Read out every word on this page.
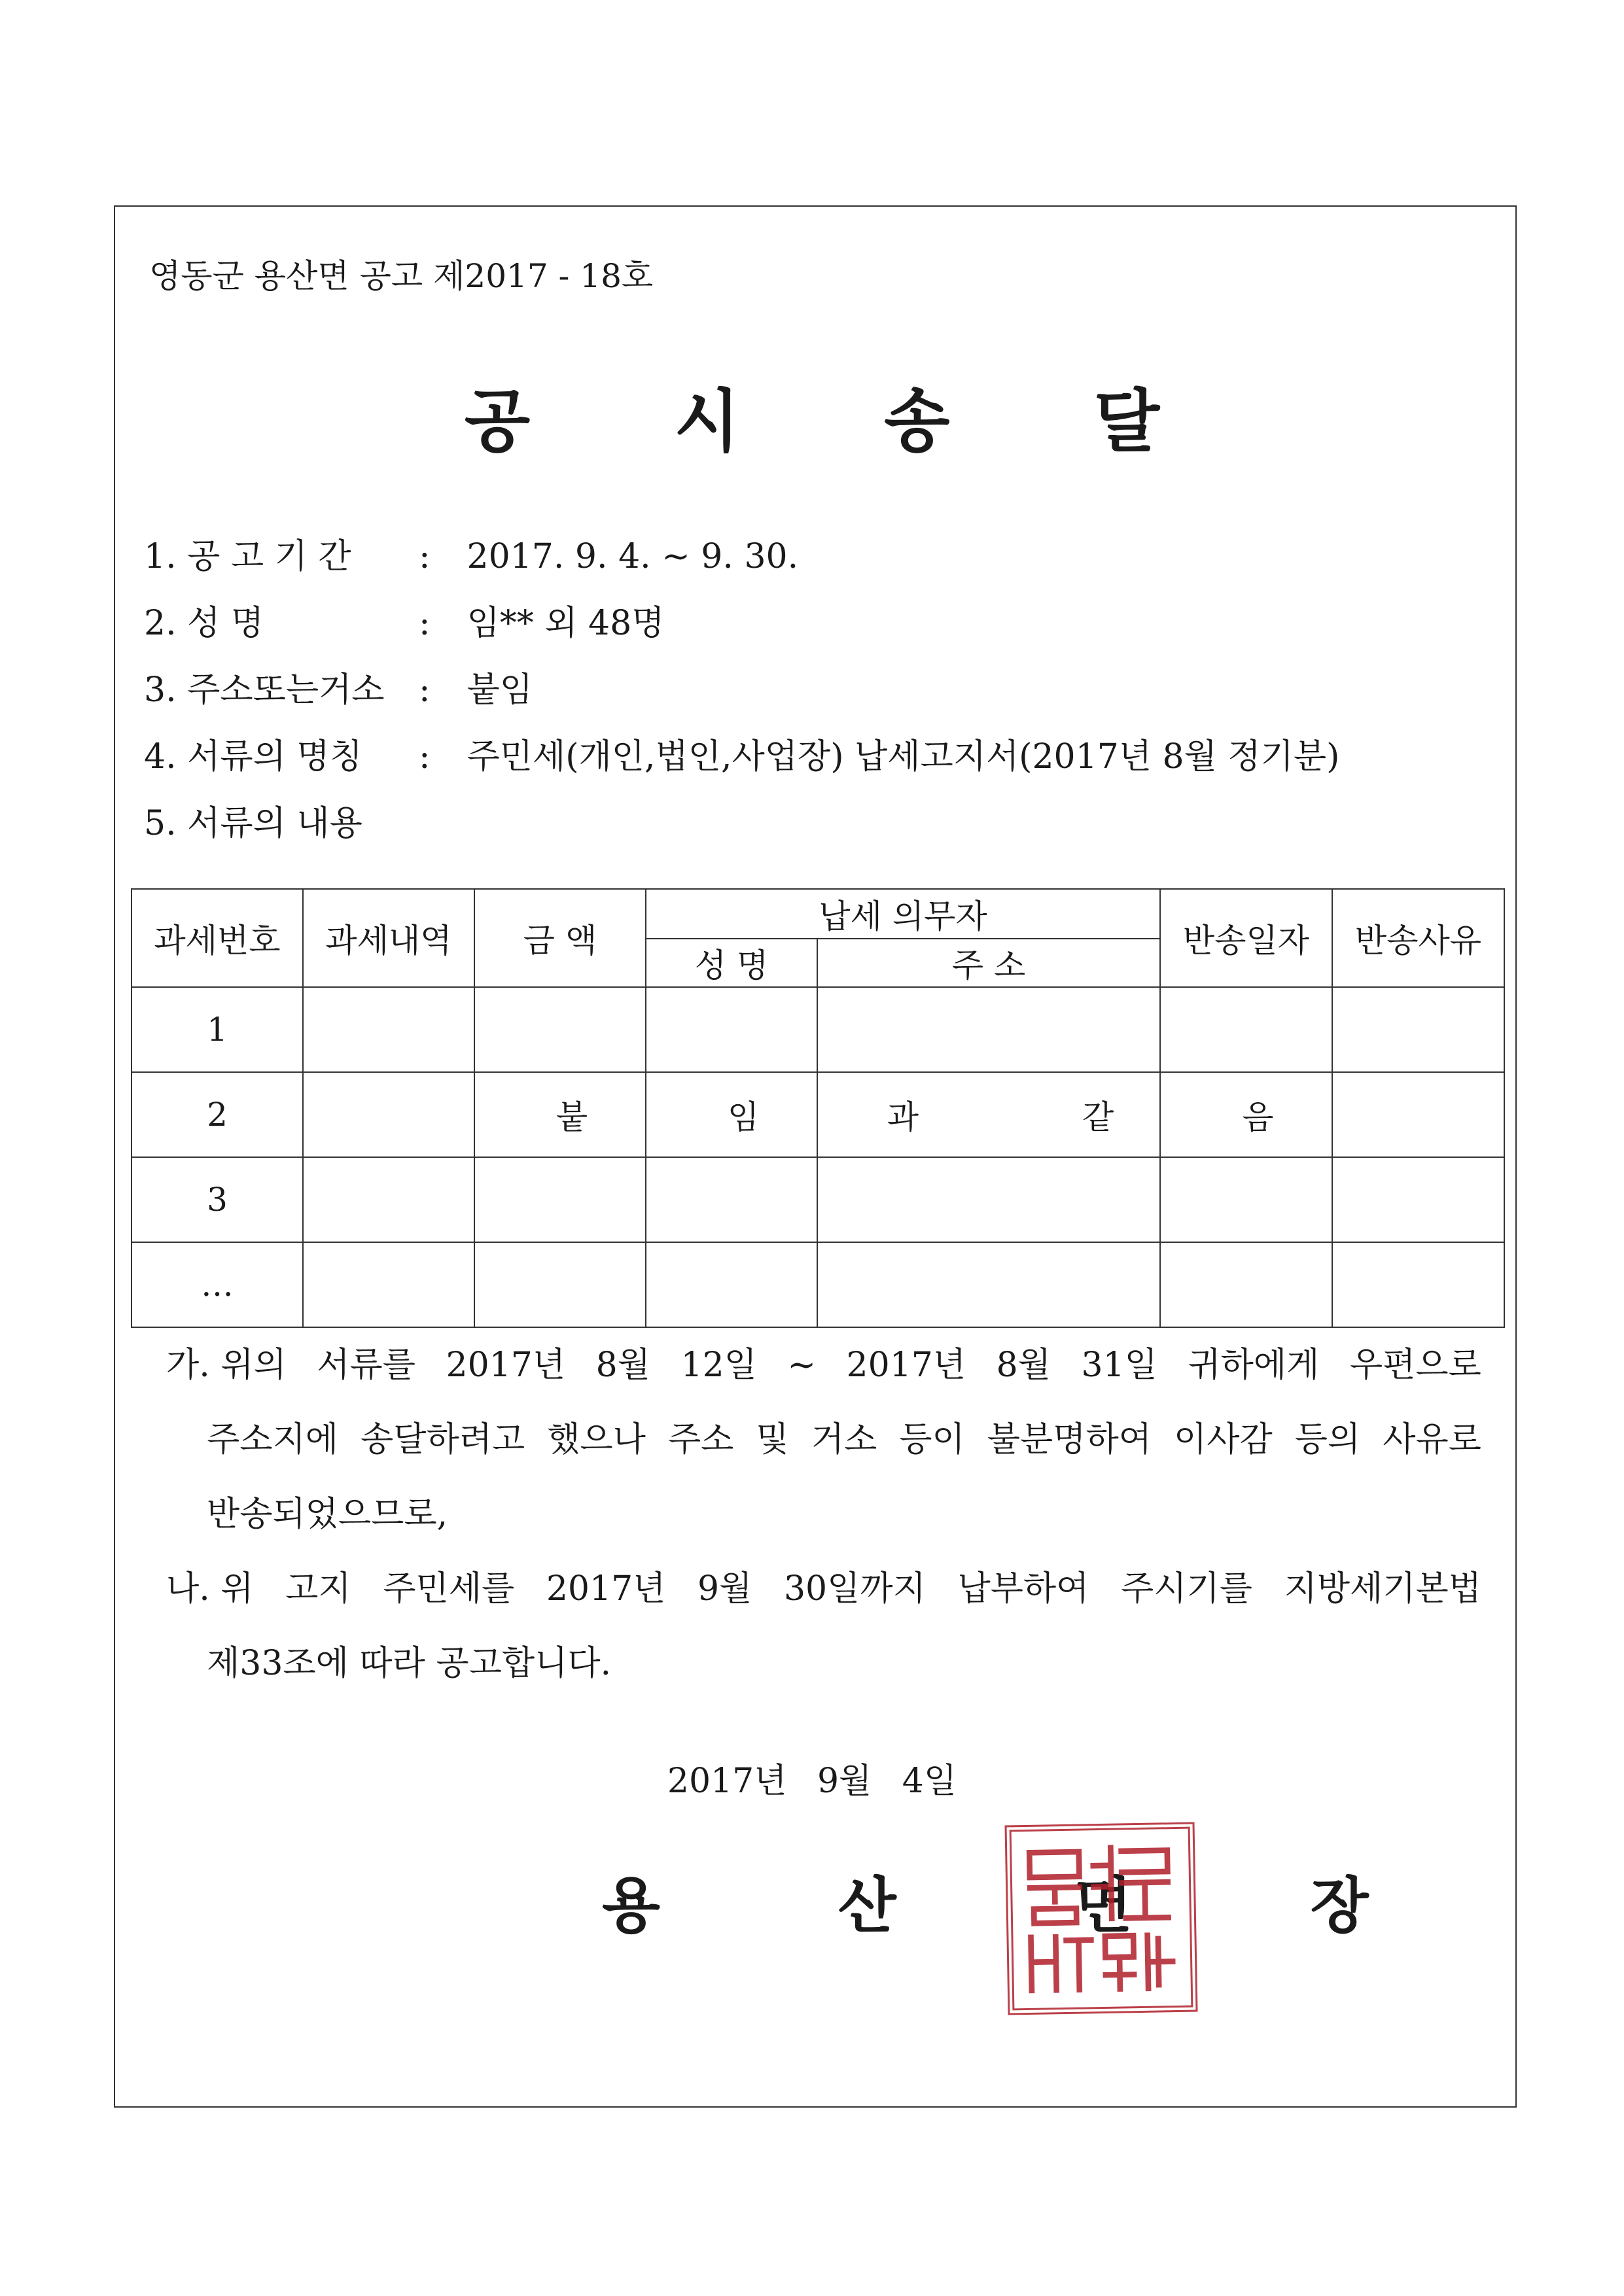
영동군 용산면 공고 제2017 - 18호
공 시 송 달
1. 공 고 기 간 : 2017. 9. 4. ~ 9. 30.
2. 성 명	: 임** 외 48명
3. 주소또는거소 : 붙임
4. 서류의 명칭 : 주민세(개인,법인,사업장) 납세고지서(2017년 8월 정기분)
5. 서류의 내용
과세번호	과세내역	금 액	납세 의무자		반송일자	반송사유
			성 명	주 소		
1						
2		붙	임	과 같	음	
3						
…						
가. 위의 서류를 2017년 8월 12일 ~ 2017년 8월 31일 귀하에게 우편으로
주소지에 송달하려고 했으나 주소 및 거소 등이 불분명하여 이사감 등의 사유로
반송되었으므로,
나. 위 고지 주민세를 2017년 9월 30일까지 납부하여 주시기를 지방세기본법
제33조에 따라 공고합니다.
2017년 9월 4일
용 산 면 장
